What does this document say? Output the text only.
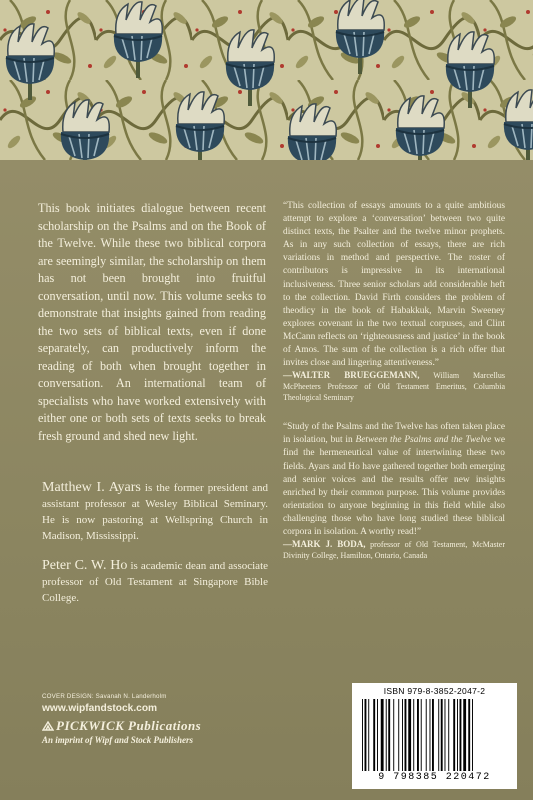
This book initiates dialogue between recent scholarship on the Psalms and on the Book of the Twelve. While these two biblical corpora are seemingly similar, the scholarship on them has not been brought into fruitful conversation, until now. This volume seeks to demonstrate that insights gained from reading the two sets of biblical texts, even if done separately, can productively inform the reading of both when brought together in conversation. An international team of specialists who have worked extensively with either one or both sets of texts seeks to break fresh ground and shed new light.
Matthew I. Ayars is the former president and assistant professor at Wesley Biblical Seminary. He is now pastoring at Wellspring Church in Madison, Mississippi.
Peter C. W. Ho is academic dean and associate professor of Old Testament at Singapore Bible College.

“This collection of essays amounts to a quite ambitious attempt to explore a ‘conversation’ between two quite distinct texts, the Psalter and the twelve minor prophets. As in any such collection of essays, there are rich variations in method and perspective. The roster of contributors is impressive in its international inclusiveness. Three senior scholars add considerable heft to the collection. David Firth considers the problem of theodicy in the book of Habakkuk, Marvin Sweeney explores covenant in the two textual corpuses, and Clint McCann reflects on ‘righteousness and justice’ in the book of Amos. The sum of the collection is a rich offer that invites close and lingering attentiveness.”

—WALTER BRUEGGEMANN, William Marcellus McPheeters Professor of Old Testament Emeritus, Columbia Theological Seminary

“Study of the Psalms and the Twelve has often taken place in isolation, but in Between the Psalms and the Twelve we find the hermeneutical value of intertwining these two fields. Ayars and Ho have gathered together both emerging and senior voices and the results offer new insights enriched by their common purpose. This volume provides orientation to anyone beginning in this field while also challenging those who have long studied these biblical corpora in isolation. A worthy read!”

—MARK J. BODA, professor of Old Testament, McMaster Divinity College, Hamilton, Ontario, Canada

COVER DESIGN: Savanah N. Landerholm
www.wipfandstock.com
PICKWICK Publications
An imprint of Wipf and Stock Publishers
ISBN 979-8-3852-2047-2
9 798385 220472
